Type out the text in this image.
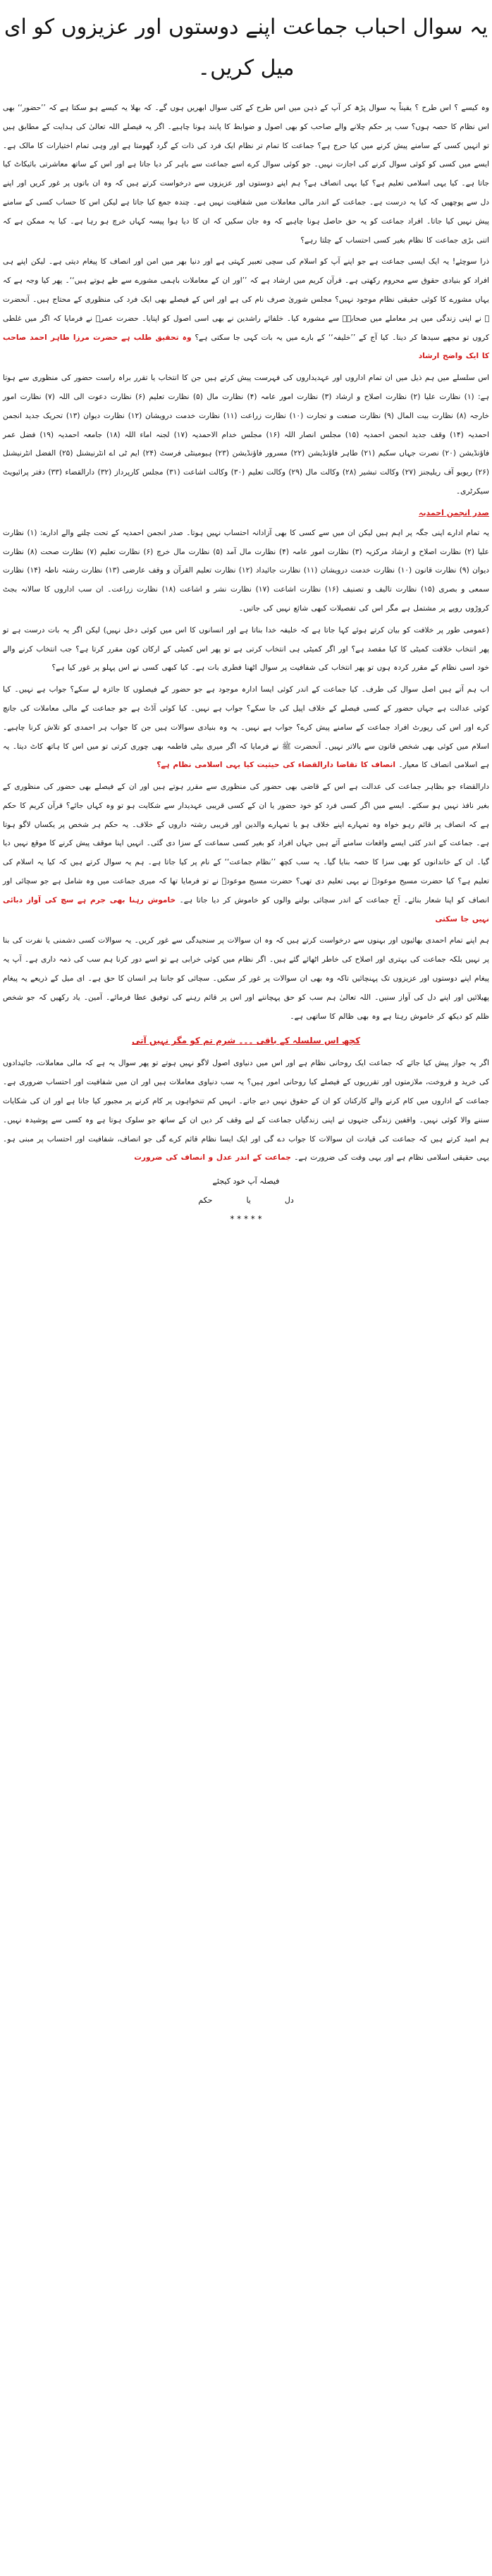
یہ سوال احباب جماعت اپنے دوستوں اور عزیزوں کو ای میل کریں۔

وہ کیسے ؟ اس طرح ؟ یقیناً یہ سوال پڑھ کر آپ کے ذہن میں اس طرح کے کئی سوال ابھریں ہوں گے۔ کہ بھلا یہ کیسے ہو سکتا ہے کہ ’’حضور‘‘ بھی اس نظام کا حصہ ہوں؟ سب پر حکم چلانے والے صاحب کو بھی اصول و ضوابط کا پابند ہونا چاہیے۔ اگر یہ فیصلے اللہ تعالیٰ کی ہدایت کے مطابق ہیں تو انہیں کسی کے سامنے پیش کرنے میں کیا حرج ہے؟ جماعت کا تمام تر نظام ایک فرد کی ذات کے گرد گھومتا ہے اور وہی تمام اختیارات کا مالک ہے۔ ایسے میں کسی کو کوئی سوال کرنے کی اجازت نہیں۔ جو کوئی سوال کرے اسے جماعت سے باہر کر دیا جاتا ہے اور اس کے ساتھ معاشرتی بائیکاٹ کیا جاتا ہے۔ کیا یہی اسلامی تعلیم ہے؟ کیا یہی انصاف ہے؟ ہم اپنے دوستوں اور عزیزوں سے درخواست کرتے ہیں کہ وہ ان باتوں پر غور کریں اور اپنے دل سے پوچھیں کہ کیا یہ درست ہے۔ جماعت کے اندر مالی معاملات میں شفافیت نہیں ہے۔ چندہ جمع کیا جاتا ہے لیکن اس کا حساب کسی کے سامنے پیش نہیں کیا جاتا۔ افراد جماعت کو یہ حق حاصل ہونا چاہیے کہ وہ جان سکیں کہ ان کا دیا ہوا پیسہ کہاں خرچ ہو رہا ہے۔ کیا یہ ممکن ہے کہ اتنی بڑی جماعت کا نظام بغیر کسی احتساب کے چلتا رہے؟

ذرا سوچئے! یہ ایک ایسی جماعت ہے جو اپنے آپ کو اسلام کی سچی تعبیر کہتی ہے اور دنیا بھر میں امن اور انصاف کا پیغام دیتی ہے۔ لیکن اپنے ہی افراد کو بنیادی حقوق سے محروم رکھتی ہے۔ قرآن کریم میں ارشاد ہے کہ ’’اور ان کے معاملات باہمی مشورے سے طے ہوتے ہیں‘‘۔ پھر کیا وجہ ہے کہ یہاں مشورے کا کوئی حقیقی نظام موجود نہیں؟ مجلس شوریٰ صرف نام کی ہے اور اس کے فیصلے بھی ایک فرد کی منظوری کے محتاج ہیں۔ آنحضرت ﷺ نے اپنی زندگی میں ہر معاملے میں صحابہؓ سے مشورہ کیا۔ خلفائے راشدین نے بھی اسی اصول کو اپنایا۔ حضرت عمرؓ نے فرمایا کہ اگر میں غلطی کروں تو مجھے سیدھا کر دینا۔ کیا آج کے ’’خلیفہ‘‘ کے بارے میں یہ بات کہی جا سکتی ہے؟ وہ تحقیق طلب ہے حضرت مرزا طاہر احمد صاحب کا ایک واضح ارشاد

اس سلسلے میں ہم ذیل میں ان تمام اداروں اور عہدیداروں کی فہرست پیش کرتے ہیں جن کا انتخاب یا تقرر براہ راست حضور کی منظوری سے ہوتا ہے: (۱) نظارت علیا (۲) نظارت اصلاح و ارشاد (۳) نظارت امور عامہ (۴) نظارت مال (۵) نظارت تعلیم (۶) نظارت دعوت الی اللہ (۷) نظارت امور خارجہ (۸) نظارت بیت المال (۹) نظارت صنعت و تجارت (۱۰) نظارت زراعت (۱۱) نظارت خدمت درویشان (۱۲) نظارت دیوان (۱۳) تحریک جدید انجمن احمدیہ (۱۴) وقف جدید انجمن احمدیہ (۱۵) مجلس انصار اللہ (۱۶) مجلس خدام الاحمدیہ (۱۷) لجنہ اماء اللہ (۱۸) جامعہ احمدیہ (۱۹) فضل عمر فاؤنڈیشن (۲۰) نصرت جہاں سکیم (۲۱) طاہر فاؤنڈیشن (۲۲) مسرور فاؤنڈیشن (۲۳) ہیومینٹی فرسٹ (۲۴) ایم ٹی اے انٹرنیشنل (۲۵) الفضل انٹرنیشنل (۲۶) ریویو آف ریلیجنز (۲۷) وکالت تبشیر (۲۸) وکالت مال (۲۹) وکالت تعلیم (۳۰) وکالت اشاعت (۳۱) مجلس کارپرداز (۳۲) دارالقضاء (۳۳) دفتر پرائیویٹ سیکرٹری۔

صدر انجمن احمدیہ

یہ تمام ادارے اپنی جگہ پر اہم ہیں لیکن ان میں سے کسی کا بھی آزادانہ احتساب نہیں ہوتا۔ صدر انجمن احمدیہ کے تحت چلنے والے ادارے: (۱) نظارت علیا (۲) نظارت اصلاح و ارشاد مرکزیہ (۳) نظارت امور عامہ (۴) نظارت مال آمد (۵) نظارت مال خرچ (۶) نظارت تعلیم (۷) نظارت صحت (۸) نظارت دیوان (۹) نظارت قانون (۱۰) نظارت خدمت درویشان (۱۱) نظارت جائیداد (۱۲) نظارت تعلیم القرآن و وقف عارضی (۱۳) نظارت رشتہ ناطہ (۱۴) نظارت سمعی و بصری (۱۵) نظارت تالیف و تصنیف (۱۶) نظارت اشاعت (۱۷) نظارت نشر و اشاعت (۱۸) نظارت زراعت۔ ان سب اداروں کا سالانہ بجٹ کروڑوں روپے پر مشتمل ہے مگر اس کی تفصیلات کبھی شائع نہیں کی جاتیں۔

(عمومی طور پر خلافت کو بیان کرتے ہوئے کہا جاتا ہے کہ خلیفہ خدا بناتا ہے اور انسانوں کا اس میں کوئی دخل نہیں) لیکن اگر یہ بات درست ہے تو پھر انتخاب خلافت کمیٹی کا کیا مقصد ہے؟ اور اگر کمیٹی ہی انتخاب کرتی ہے تو پھر اس کمیٹی کے ارکان کون مقرر کرتا ہے؟ جب انتخاب کرنے والے خود اسی نظام کے مقرر کردہ ہوں تو پھر انتخاب کی شفافیت پر سوال اٹھنا فطری بات ہے۔ کیا کبھی کسی نے اس پہلو پر غور کیا ہے؟

اب ہم آتے ہیں اصل سوال کی طرف۔ کیا جماعت کے اندر کوئی ایسا ادارہ موجود ہے جو حضور کے فیصلوں کا جائزہ لے سکے؟ جواب ہے نہیں۔ کیا کوئی عدالت ہے جہاں حضور کے کسی فیصلے کے خلاف اپیل کی جا سکے؟ جواب ہے نہیں۔ کیا کوئی آڈٹ ہے جو جماعت کے مالی معاملات کی جانچ کرے اور اس کی رپورٹ افراد جماعت کے سامنے پیش کرے؟ جواب ہے نہیں۔ یہ وہ بنیادی سوالات ہیں جن کا جواب ہر احمدی کو تلاش کرنا چاہیے۔ اسلام میں کوئی بھی شخص قانون سے بالاتر نہیں۔ آنحضرت ﷺ نے فرمایا کہ اگر میری بیٹی فاطمہ بھی چوری کرتی تو میں اس کا ہاتھ کاٹ دیتا۔ یہ ہے اسلامی انصاف کا معیار۔ انصاف کا تقاضا دارالقضاء کی حیثیت کیا یہی اسلامی نظام ہے؟

دارالقضاء جو بظاہر جماعت کی عدالت ہے اس کے قاضی بھی حضور کی منظوری سے مقرر ہوتے ہیں اور ان کے فیصلے بھی حضور کی منظوری کے بغیر نافذ نہیں ہو سکتے۔ ایسے میں اگر کسی فرد کو خود حضور یا ان کے کسی قریبی عہدیدار سے شکایت ہو تو وہ کہاں جائے؟ قرآن کریم کا حکم ہے کہ انصاف پر قائم رہو خواہ وہ تمہارے اپنے خلاف ہو یا تمہارے والدین اور قریبی رشتہ داروں کے خلاف۔ یہ حکم ہر شخص پر یکساں لاگو ہوتا ہے۔ جماعت کے اندر کئی ایسے واقعات سامنے آئے ہیں جہاں افراد کو بغیر کسی سماعت کے سزا دی گئی۔ انہیں اپنا موقف پیش کرنے کا موقع نہیں دیا گیا۔ ان کے خاندانوں کو بھی سزا کا حصہ بنایا گیا۔ یہ سب کچھ ’’نظام جماعت‘‘ کے نام پر کیا جاتا ہے۔ ہم یہ سوال کرتے ہیں کہ کیا یہ اسلام کی تعلیم ہے؟ کیا حضرت مسیح موعودؑ نے یہی تعلیم دی تھی؟ حضرت مسیح موعودؑ نے تو فرمایا تھا کہ میری جماعت میں وہ شامل ہے جو سچائی اور انصاف کو اپنا شعار بنائے۔ آج جماعت کے اندر سچائی بولنے والوں کو خاموش کر دیا جاتا ہے۔ خاموش رہنا بھی جرم ہے سچ کی آواز دبائی نہیں جا سکتی

ہم اپنے تمام احمدی بھائیوں اور بہنوں سے درخواست کرتے ہیں کہ وہ ان سوالات پر سنجیدگی سے غور کریں۔ یہ سوالات کسی دشمنی یا نفرت کی بنا پر نہیں بلکہ جماعت کی بہتری اور اصلاح کی خاطر اٹھائے گئے ہیں۔ اگر نظام میں کوئی خرابی ہے تو اسے دور کرنا ہم سب کی ذمہ داری ہے۔ آپ یہ پیغام اپنے دوستوں اور عزیزوں تک پہنچائیں تاکہ وہ بھی ان سوالات پر غور کر سکیں۔ سچائی کو جاننا ہر انسان کا حق ہے۔ ای میل کے ذریعے یہ پیغام پھیلائیں اور اپنے دل کی آواز سنیں۔ اللہ تعالیٰ ہم سب کو حق پہچاننے اور اس پر قائم رہنے کی توفیق عطا فرمائے۔ آمین۔ یاد رکھیں کہ جو شخص ظلم کو دیکھ کر خاموش رہتا ہے وہ بھی ظالم کا ساتھی ہے۔

کچھ اس سلسلہ کے باقی ۔۔۔ شرم تم کو مگر نہیں آتی

اگر یہ جواز پیش کیا جائے کہ جماعت ایک روحانی نظام ہے اور اس میں دنیاوی اصول لاگو نہیں ہوتے تو پھر سوال یہ ہے کہ مالی معاملات، جائیدادوں کی خرید و فروخت، ملازمتوں اور تقرریوں کے فیصلے کیا روحانی امور ہیں؟ یہ سب دنیاوی معاملات ہیں اور ان میں شفافیت اور احتساب ضروری ہے۔ جماعت کے اداروں میں کام کرنے والے کارکنان کو ان کے حقوق نہیں دیے جاتے۔ انہیں کم تنخواہوں پر کام کرنے پر مجبور کیا جاتا ہے اور ان کی شکایات سننے والا کوئی نہیں۔ واقفین زندگی جنہوں نے اپنی زندگیاں جماعت کے لیے وقف کر دیں ان کے ساتھ جو سلوک ہوتا ہے وہ کسی سے پوشیدہ نہیں۔ ہم امید کرتے ہیں کہ جماعت کی قیادت ان سوالات کا جواب دے گی اور ایک ایسا نظام قائم کرے گی جو انصاف، شفافیت اور احتساب پر مبنی ہو۔ یہی حقیقی اسلامی نظام ہے اور یہی وقت کی ضرورت ہے۔ جماعت کے اندر عدل و انصاف کی ضرورت

فیصلہ آپ خود کیجئے
دل
یا
حکم
* * * * *
